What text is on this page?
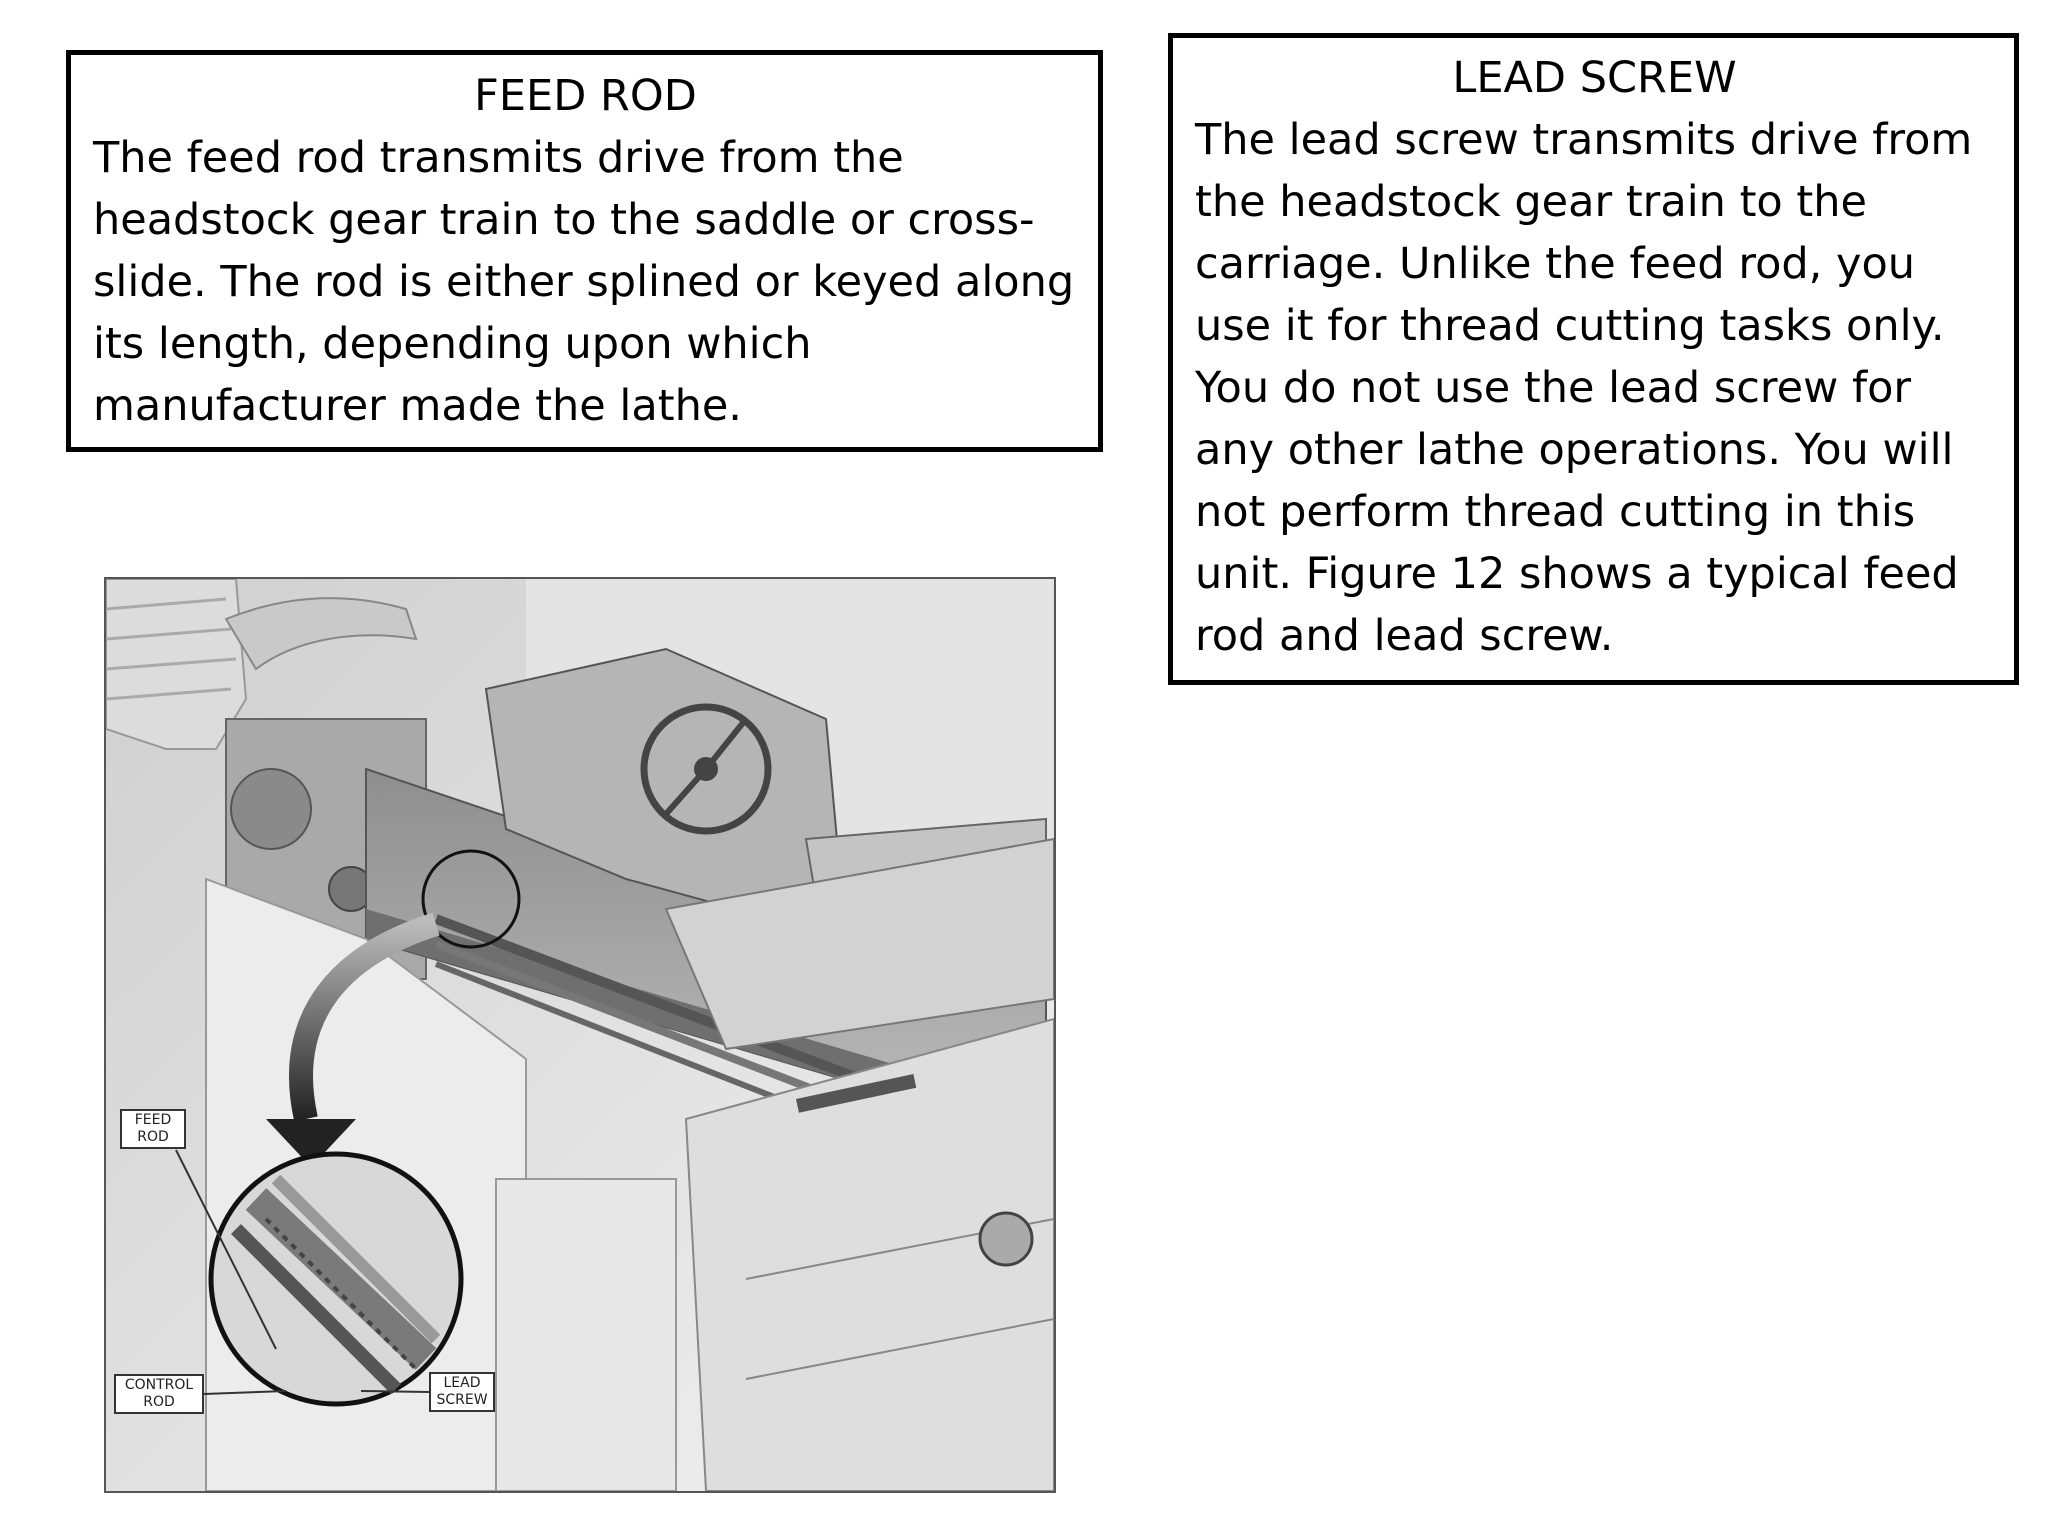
FEED ROD

The feed rod transmits drive from the headstock gear train to the saddle or cross-slide. The rod is either splined or keyed along its length, depending upon which manufacturer made the lathe.

LEAD SCREW

The lead screw transmits drive from the headstock gear train to the carriage. Unlike the feed rod, you use it for thread cutting tasks only. You do not use the lead screw for any other lathe operations. You will not perform thread cutting in this unit. Figure 12 shows a typical feed rod and lead screw.

FEED
ROD
CONTROL
ROD
LEAD
SCREW
